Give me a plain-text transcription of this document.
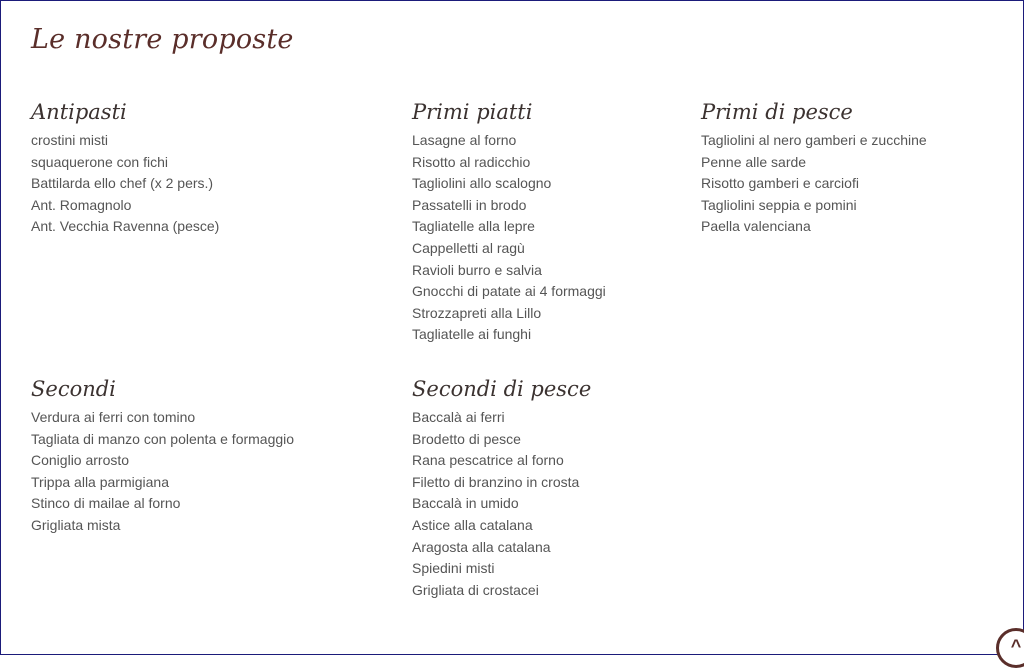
Le nostre proposte
Antipasti
crostini misti
squaquerone con fichi
Battilarda ello chef (x 2 pers.)
Ant. Romagnolo
Ant. Vecchia Ravenna (pesce)
Primi piatti
Lasagne al forno
Risotto al radicchio
Tagliolini allo scalogno
Passatelli in brodo
Tagliatelle alla lepre
Cappelletti al ragù
Ravioli burro e salvia
Gnocchi di patate ai 4 formaggi
Strozzapreti alla Lillo
Tagliatelle ai funghi
Primi di pesce
Tagliolini al nero gamberi e zucchine
Penne alle sarde
Risotto gamberi e carciofi
Tagliolini seppia e pomini
Paella valenciana
Secondi
Verdura ai ferri con tomino
Tagliata di manzo con polenta e formaggio
Coniglio arrosto
Trippa alla parmigiana
Stinco di mailae al forno
Grigliata mista
Secondi di pesce
Baccalà ai ferri
Brodetto di pesce
Rana pescatrice al forno
Filetto di branzino in crosta
Baccalà in umido
Astice alla catalana
Aragosta alla catalana
Spiedini misti
Grigliata di crostacei
^
